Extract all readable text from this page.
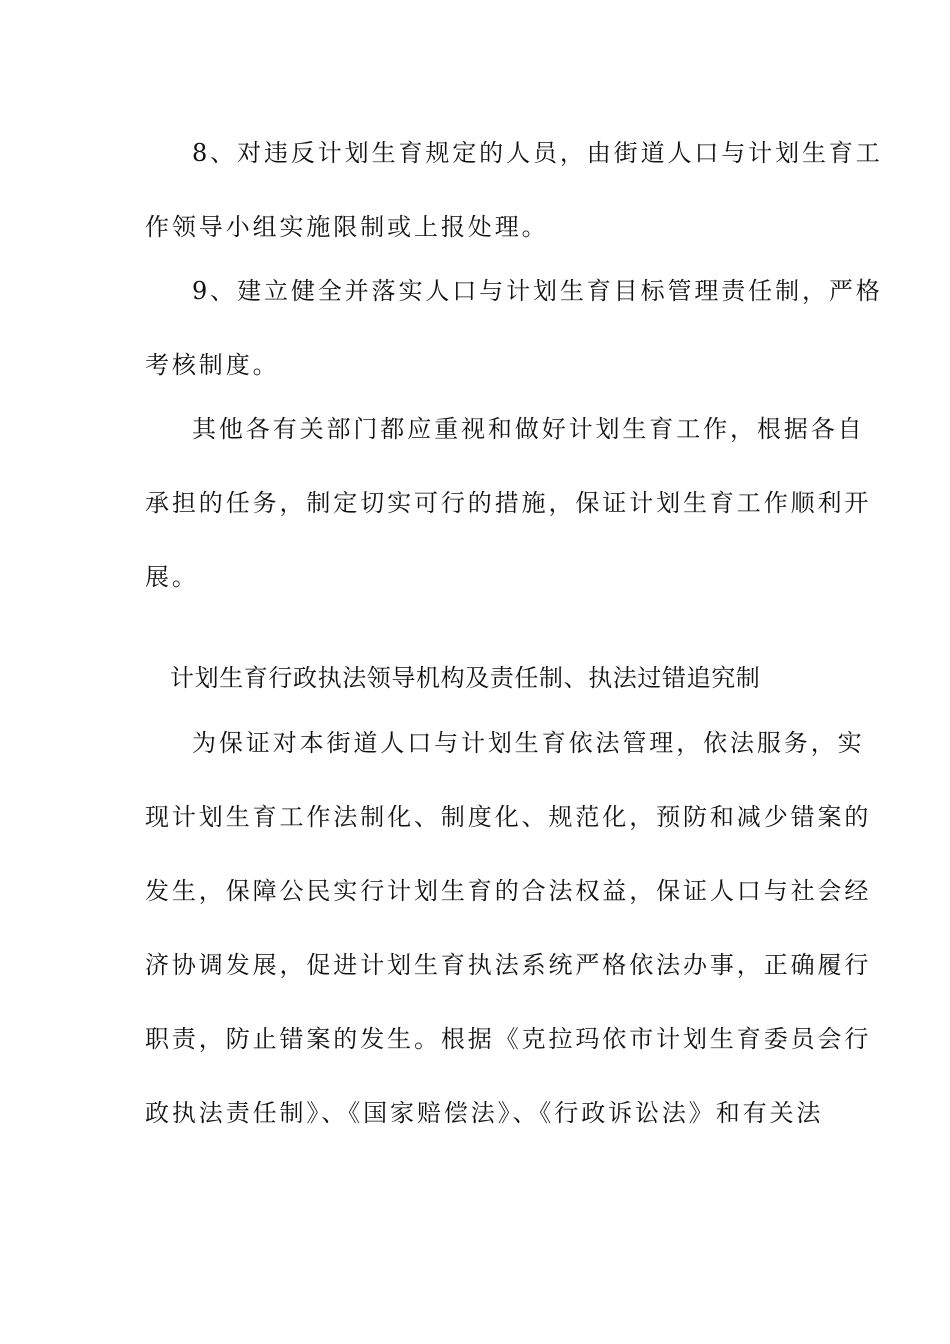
8、对违反计划生育规定的人员，由街道人口与计划生育工
作领导小组实施限制或上报处理。
9、建立健全并落实人口与计划生育目标管理责任制，严格
考核制度。
其他各有关部门都应重视和做好计划生育工作，根据各自
承担的任务，制定切实可行的措施，保证计划生育工作顺利开
展。
计划生育行政执法领导机构及责任制、执法过错追究制
为保证对本街道人口与计划生育依法管理，依法服务，实
现计划生育工作法制化、制度化、规范化，预防和减少错案的
发生，保障公民实行计划生育的合法权益，保证人口与社会经
济协调发展，促进计划生育执法系统严格依法办事，正确履行
职责，防止错案的发生。根据《克拉玛依市计划生育委员会行
政执法责任制》、《国家赔偿法》、《行政诉讼法》和有关法
